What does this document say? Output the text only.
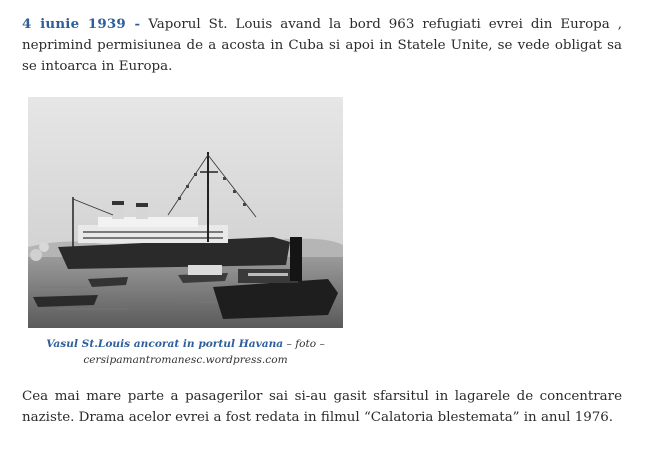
4 iunie 1939 - Vaporul St. Louis avand la bord 963 refugiati evrei din Europa , neprimind permisiunea de a acosta in Cuba si apoi in Statele Unite, se vede obligat sa se intoarca in Europa.

Vasul St.Louis ancorat in portul Havana – foto – cersipamantromanesc.wordpress.com

Cea mai mare parte a pasagerilor sai si-au gasit sfarsitul in lagarele de concentrare naziste. Drama acelor evrei a fost redata in filmul “Calatoria blestemata” in anul 1976.
